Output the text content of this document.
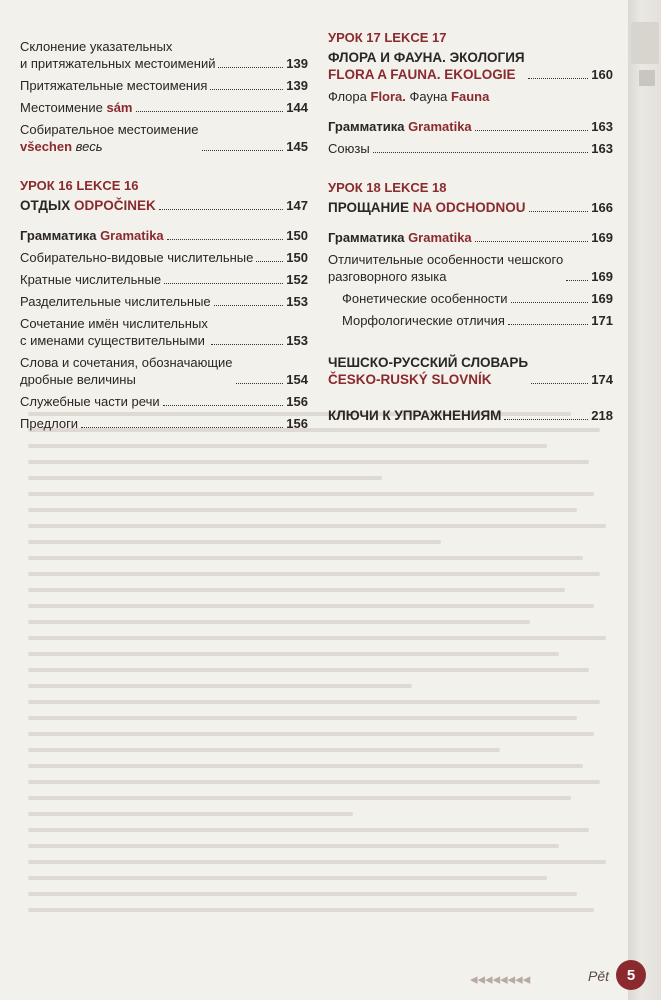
Склонение указательных
и притяжательных местоимений	139
Притяжательные местоимения	139
Местоимение sám	144
Собирательное местоимение
všechen весь	145
УРОК 16 LEKCE 16
ОТДЫХ ODPOČINEK	147
Грамматика Gramatika	150
Собирательно-видовые числительные	150
Кратные числительные	152
Разделительные числительные	153
Сочетание имён числительных
с именами существительными	153
Слова и сочетания, обозначающие
дробные величины	154
Служебные части речи	156
Предлоги	156
УРОК 17 LEKCE 17
ФЛОРА И ФАУНА. ЭКОЛОГИЯ
FLORA A FAUNA. EKOLOGIE	160
Флора Flora. Фауна Fauna
Грамматика Gramatika	163
Союзы	163
УРОК 18 LEKCE 18
ПРОЩАНИЕ NA ODCHODNOU	166
Грамматика Gramatika	169
Отличительные особенности чешского
разговорного языка	169
Фонетические особенности	169
Морфологические отличия	171
ЧЕШСКО-РУССКИЙ СЛОВАРЬ
ČESKO-RUSKÝ SLOVNÍK	174
КЛЮЧИ К УПРАЖНЕНИЯМ	218
◂◂◂◂◂◂◂◂	Pět	5
